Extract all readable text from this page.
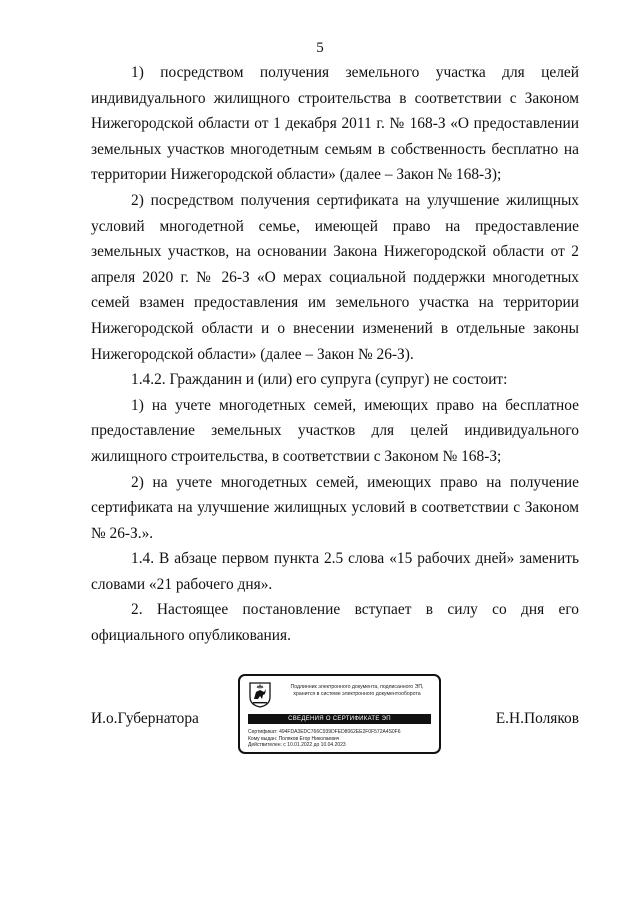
5

1) посредством получения земельного участка для целей индивидуального жилищного строительства в соответствии с Законом Нижегородской области от 1 декабря 2011 г. № 168-З «О предоставлении земельных участков многодетным семьям в собственность бесплатно на территории Нижегородской области» (далее – Закон № 168-З);

2) посредством получения сертификата на улучшение жилищных условий многодетной семье, имеющей право на предоставление земельных участков, на основании Закона Нижегородской области от 2 апреля 2020 г. № 26-З «О мерах социальной поддержки многодетных семей взамен предоставления им земельного участка на территории Нижегородской области и о внесении изменений в отдельные законы Нижегородской области» (далее – Закон № 26-З).

1.4.2. Гражданин и (или) его супруга (супруг) не состоит:

1) на учете многодетных семей, имеющих право на бесплатное предоставление земельных участков для целей индивидуального жилищного строительства, в соответствии с Законом № 168-З;

2) на учете многодетных семей, имеющих право на получение сертификата на улучшение жилищных условий в соответствии с Законом № 26-З.».

1.4. В абзаце первом пункта 2.5 слова «15 рабочих дней» заменить словами «21 рабочего дня».

2. Настоящее постановление вступает в силу со дня его официального опубликования.

И.о.Губернатора	Е.Н.Поляков
Подлинник электронного документа, подписанного ЭП,
хранится в системе электронного документооборота
СВЕДЕНИЯ О СЕРТИФИКАТЕ ЭП
Сертификат: 494FDA3EDC766C939DFED8062EE2F0F572A4S0F6
Кому выдан: Поляков Егор Николаевич
Действителен: с 10.01.2022 до 10.04.2023
